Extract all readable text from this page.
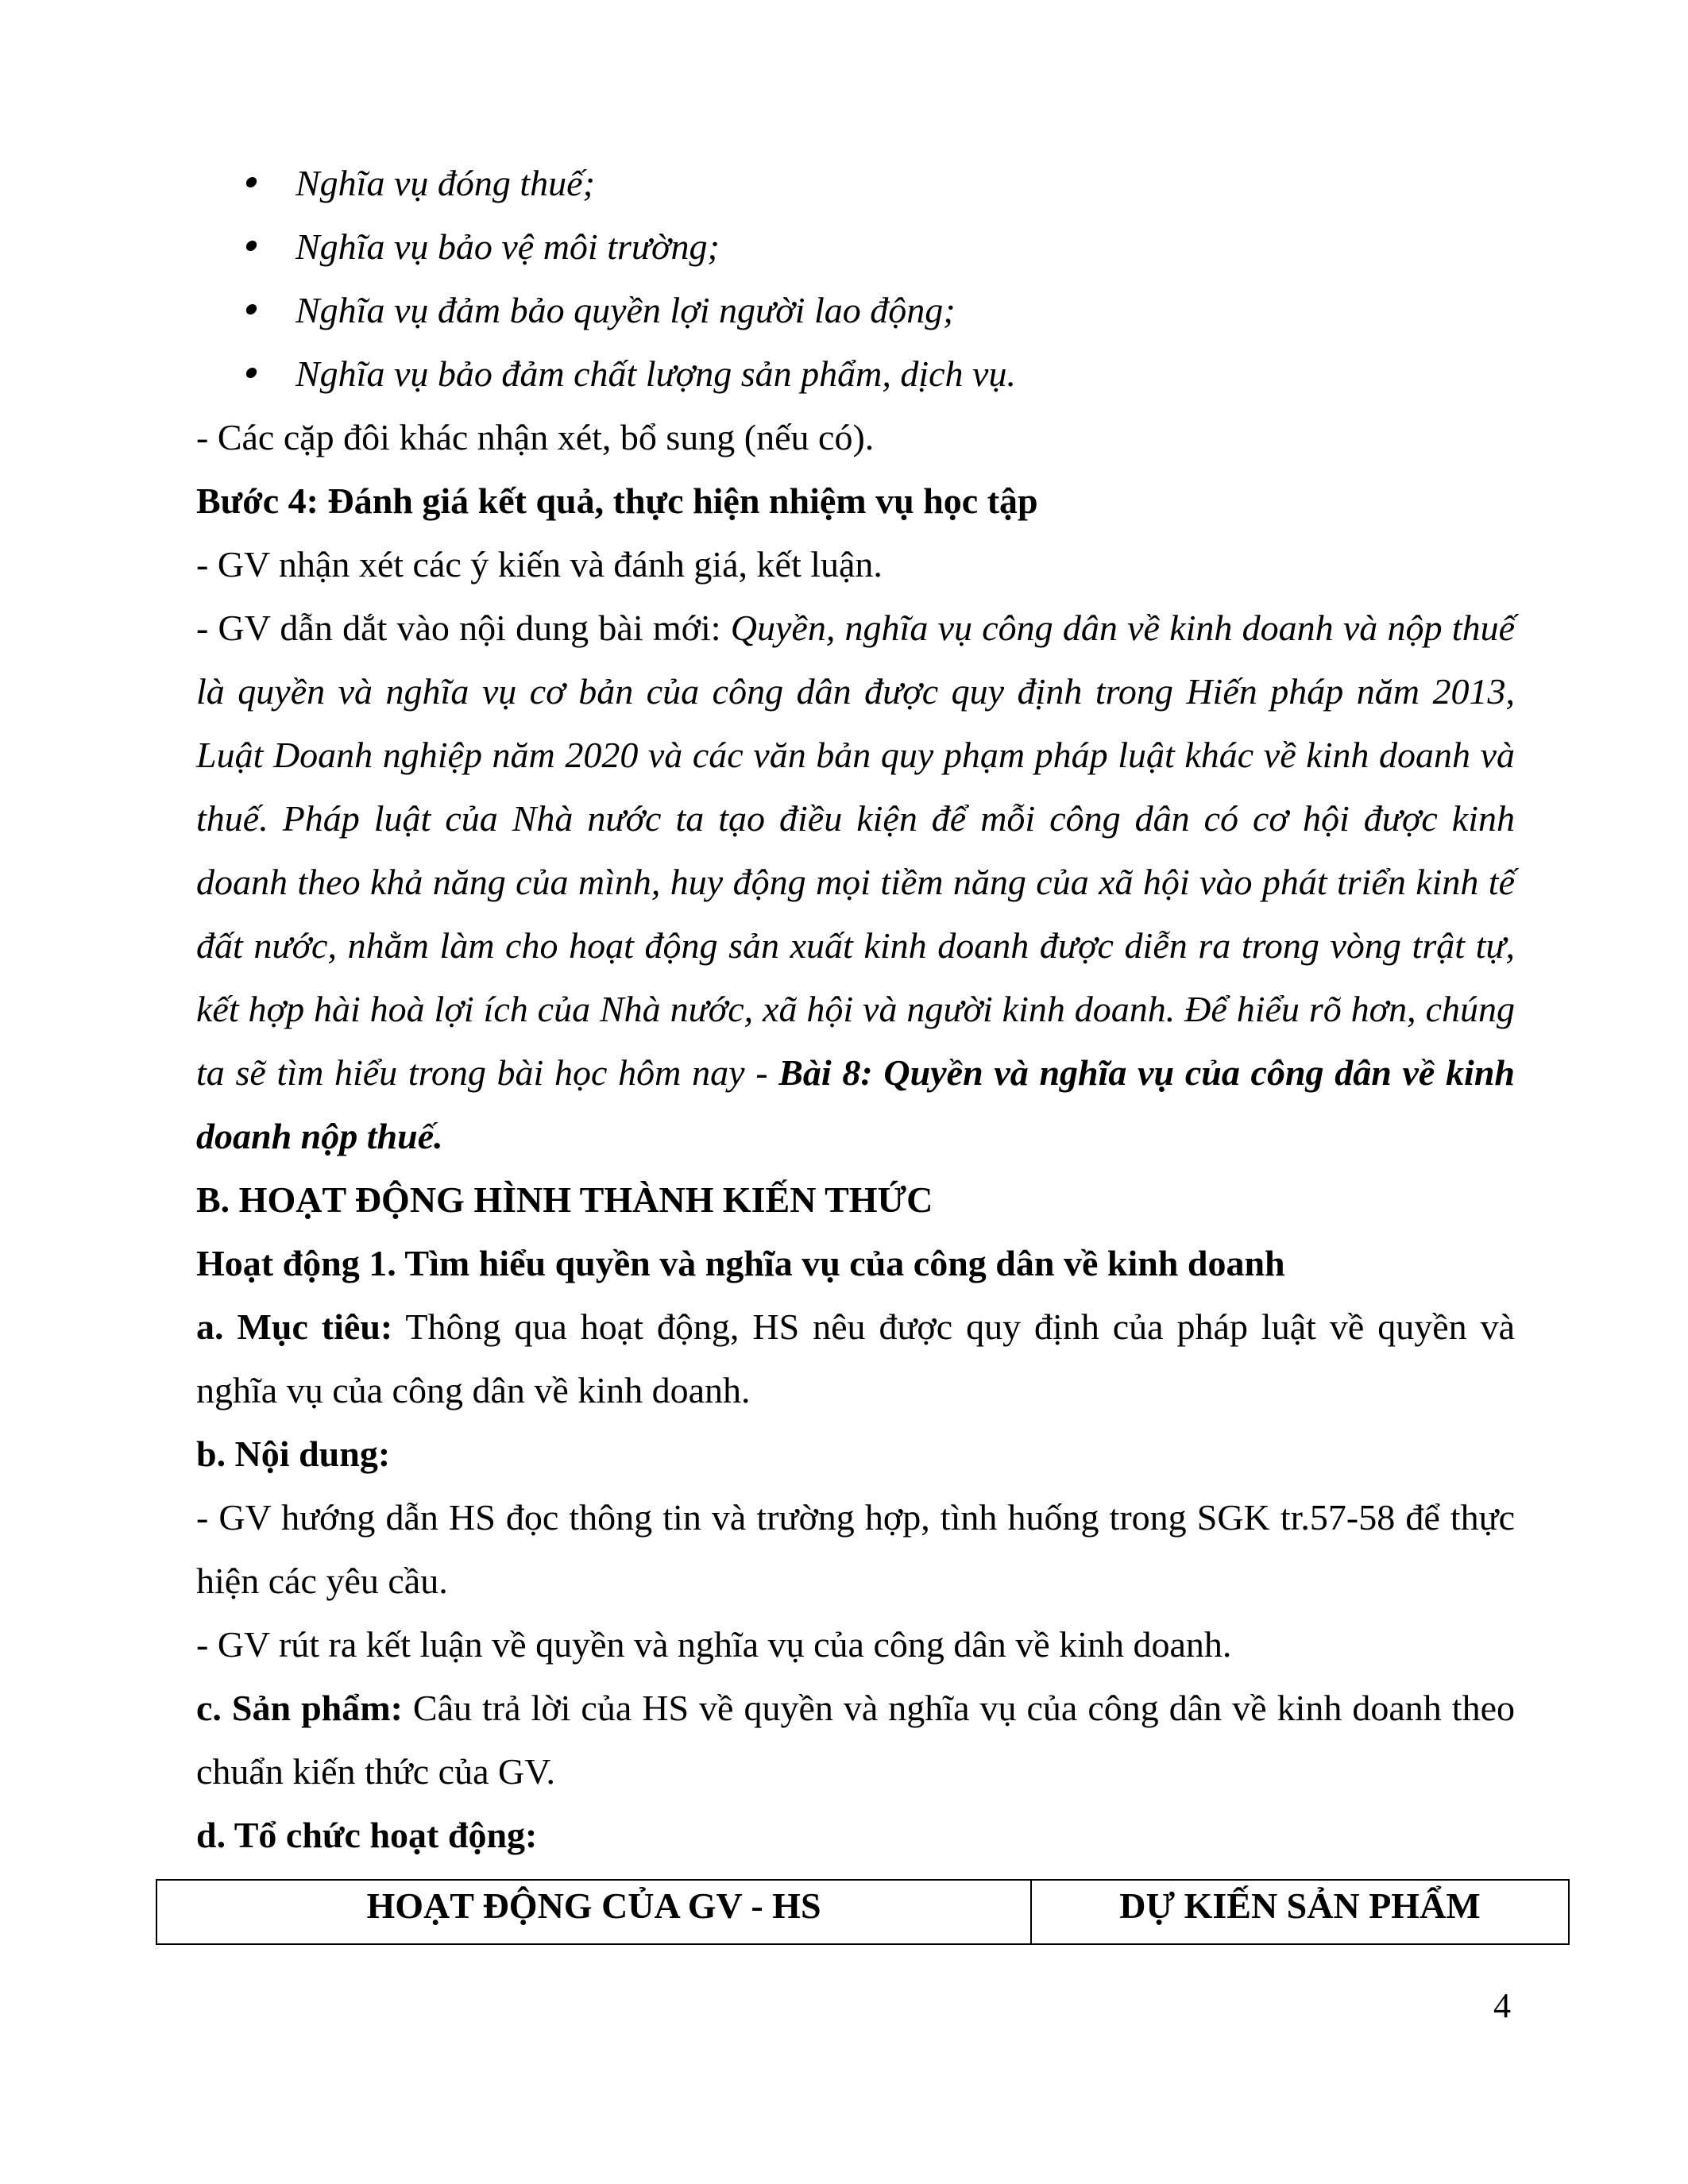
Nghĩa vụ đóng thuế;

Nghĩa vụ bảo vệ môi trường;

Nghĩa vụ đảm bảo quyền lợi người lao động;

Nghĩa vụ bảo đảm chất lượng sản phẩm, dịch vụ.

- Các cặp đôi khác nhận xét, bổ sung (nếu có).

Bước 4: Đánh giá kết quả, thực hiện nhiệm vụ học tập

- GV nhận xét các ý kiến và đánh giá, kết luận.

- GV dẫn dắt vào nội dung bài mới: Quyền, nghĩa vụ công dân về kinh doanh và nộp thuế là quyền và nghĩa vụ cơ bản của công dân được quy định trong Hiến pháp năm 2013, Luật Doanh nghiệp năm 2020 và các văn bản quy phạm pháp luật khác về kinh doanh và thuế. Pháp luật của Nhà nước ta tạo điều kiện để mỗi công dân có cơ hội được kinh doanh theo khả năng của mình, huy động mọi tiềm năng của xã hội vào phát triển kinh tế đất nước, nhằm làm cho hoạt động sản xuất kinh doanh được diễn ra trong vòng trật tự, kết hợp hài hoà lợi ích của Nhà nước, xã hội và người kinh doanh. Để hiểu rõ hơn, chúng ta sẽ tìm hiểu trong bài học hôm nay - Bài 8: Quyền và nghĩa vụ của công dân về kinh doanh nộp thuế.

B. HOẠT ĐỘNG HÌNH THÀNH KIẾN THỨC

Hoạt động 1. Tìm hiểu quyền và nghĩa vụ của công dân về kinh doanh

a. Mục tiêu: Thông qua hoạt động, HS nêu được quy định của pháp luật về quyền và nghĩa vụ của công dân về kinh doanh.

b. Nội dung:

- GV hướng dẫn HS đọc thông tin và trường hợp, tình huống trong SGK tr.57-58 để thực hiện các yêu cầu.

- GV rút ra kết luận về quyền và nghĩa vụ của công dân về kinh doanh.

c. Sản phẩm: Câu trả lời của HS về quyền và nghĩa vụ của công dân về kinh doanh theo chuẩn kiến thức của GV.

d. Tổ chức hoạt động:

HOẠT ĐỘNG CỦA GV - HS	DỰ KIẾN SẢN PHẨM
4
